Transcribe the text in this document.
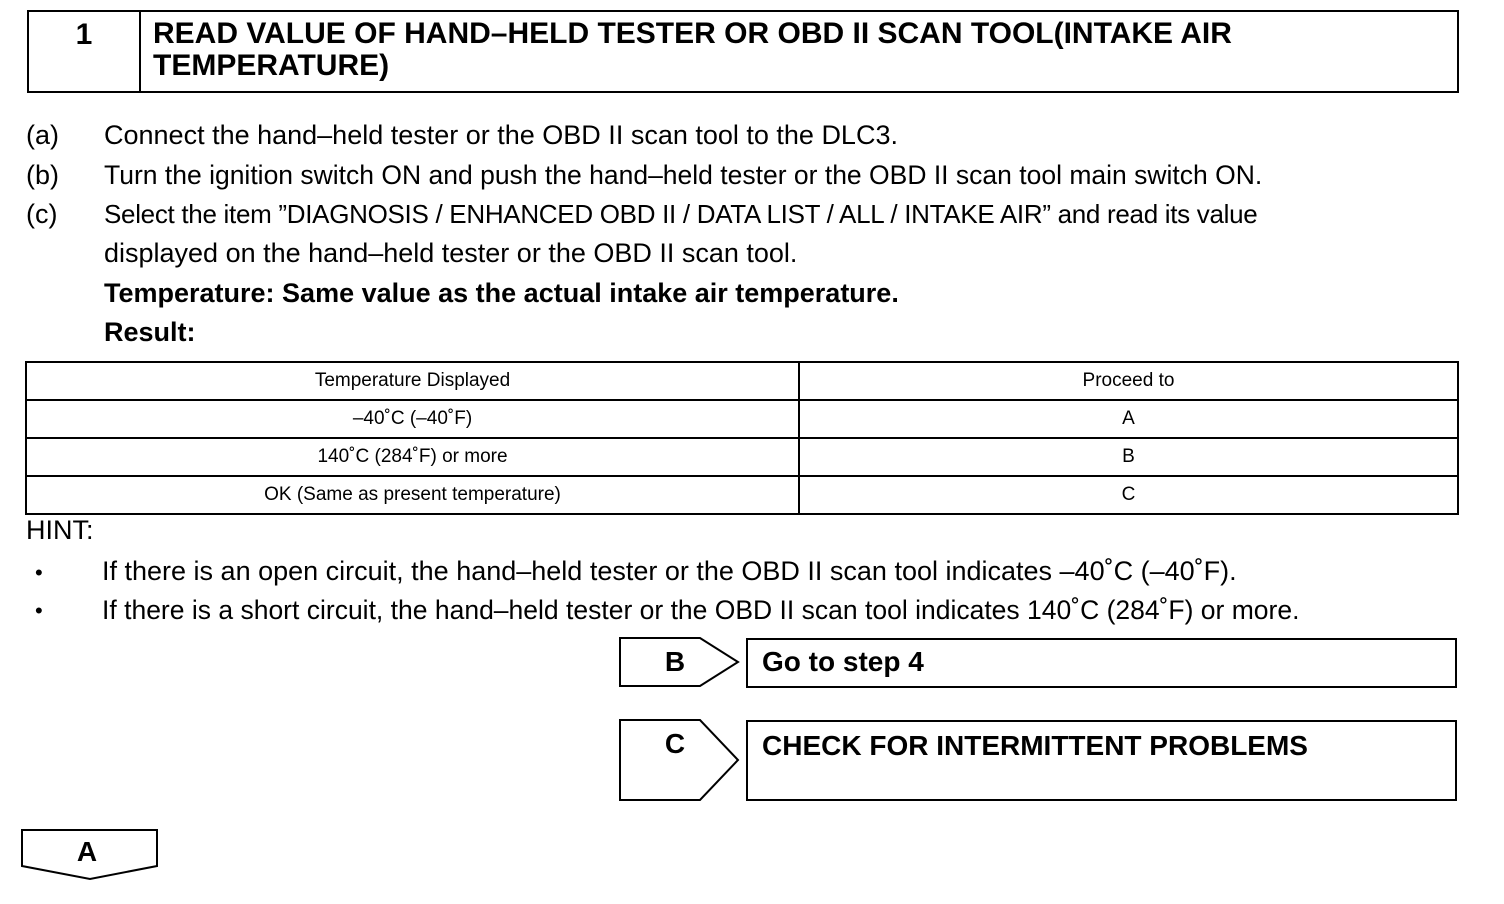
1	READ VALUE OF HAND–HELD TESTER OR OBD II SCAN TOOL(INTAKE AIR
TEMPERATURE)
(a) Connect the hand–held tester or the OBD II scan tool to the DLC3.
(b) Turn the ignition switch ON and push the hand–held tester or the OBD II scan tool main switch ON.
(c) Select the item ”DIAGNOSIS / ENHANCED OBD II / DATA LIST / ALL / INTAKE AIR” and read its value
displayed on the hand–held tester or the OBD II scan tool.
Temperature: Same value as the actual intake air temperature.
Result:
Temperature Displayed	Proceed to
–40˚C (–40˚F)	A
140˚C (284˚F) or more	B
OK (Same as present temperature)	C
HINT:
• If there is an open circuit, the hand–held tester or the OBD II scan tool indicates –40˚C (–40˚F).
• If there is a short circuit, the hand–held tester or the OBD II scan tool indicates 140˚C (284˚F) or more.
B	Go to step 4
C	CHECK FOR INTERMITTENT PROBLEMS
A
